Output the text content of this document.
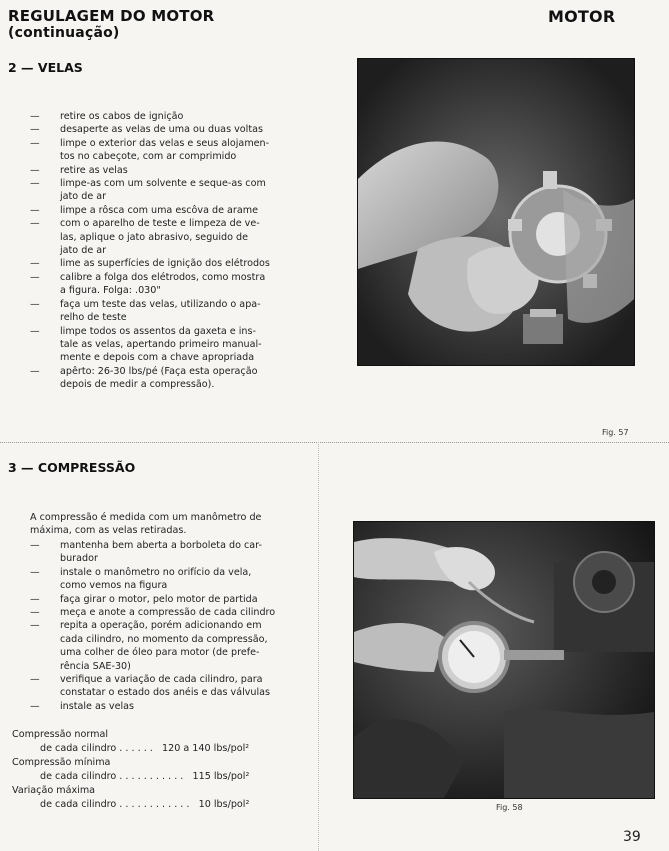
REGULAGEM DO MOTOR
(continuação)
MOTOR
2 — VELAS
— retire os cabos de ignição
— desaperte as velas de uma ou duas voltas
— limpe o exterior das velas e seus alojamen-
tos no cabeçote, com ar comprimido
— retire as velas
— limpe-as com um solvente e seque-as com
jato de ar
— limpe a rôsca com uma escôva de arame
— com o aparelho de teste e limpeza de ve-
las, aplique o jato abrasivo, seguido de
jato de ar
— lime as superfícies de ignição dos elétrodos
— calibre a folga dos elétrodos, como mostra
a figura. Folga: .030"
— faça um teste das velas, utilizando o apa-
relho de teste
— limpe todos os assentos da gaxeta e ins-
tale as velas, apertando primeiro manual-
mente e depois com a chave apropriada
— apêrto: 26-30 lbs/pé (Faça esta operação
depois de medir a compressão).
Fig. 57
3 — COMPRESSÃO
A compressão é medida com um manômetro de
máxima, com as velas retiradas.
— mantenha bem aberta a borboleta do car-
burador
— instale o manômetro no orifício da vela,
como vemos na figura
— faça girar o motor, pelo motor de partida
— meça e anote a compressão de cada cilindro
— repita a operação, porém adicionando em
cada cilindro, no momento da compressão,
uma colher de óleo para motor (de prefe-
rência SAE-30)
— verifique a variação de cada cilindro, para
constatar o estado dos anéis e das válvulas
— instale as velas
Compressão normal
de cada cilindro . . . . . .   120 a 140 lbs/pol²
Compressão mínima
de cada cilindro . . . . . . . . . . .   115 lbs/pol²
Variação máxima
de cada cilindro . . . . . . . . . . . .   10 lbs/pol²	Fig. 58
39
